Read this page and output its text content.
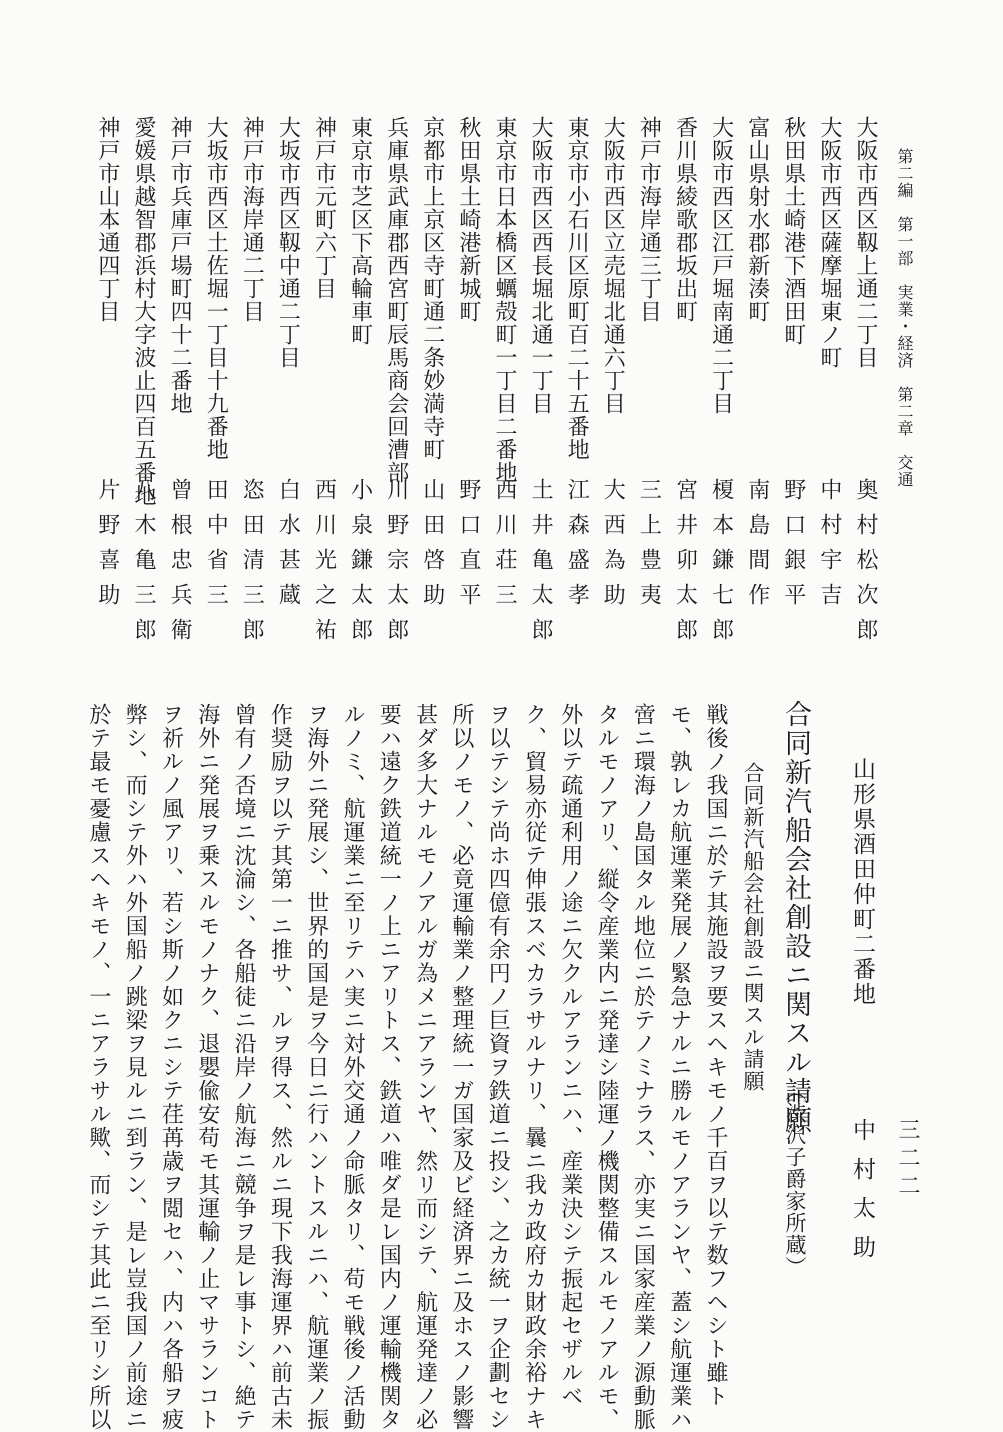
第二編　第一部　実業・経済　第二章　交通
三二二
大阪市西区靱上通二丁目
奥村松次郎
大阪市西区薩摩堀東ノ町
中村宇吉
秋田県土崎港下酒田町
野口銀平
富山県射水郡新湊町
南島間作
大阪市西区江戸堀南通二丁目
榎本鎌七郎
香川県綾歌郡坂出町
宮井卯太郎
神戸市海岸通三丁目
三上豊夷
大阪市西区立売堀北通六丁目
大西為助
東京市小石川区原町百二十五番地
江森盛孝
大阪市西区西長堀北通一丁目
土井亀太郎
東京市日本橋区蠣殻町一丁目二番地
西川荘三
秋田県土崎港新城町
野口直平
京都市上京区寺町通二条妙満寺町
山田啓助
兵庫県武庫郡西宮町辰馬商会回漕部
川野宗太郎
東京市芝区下高輪車町
小泉鎌太郎
神戸市元町六丁目
西川光之祐
大坂市西区靱中通二丁目
白水甚蔵
神戸市海岸通二丁目
恣田清三郎
大坂市西区土佐堀一丁目十九番地
田中省三
神戸市兵庫戸場町四十二番地
曾根忠兵衛
愛媛県越智郡浜村大字波止四百五番地
八木亀三郎
神戸市山本通四丁目
片野喜助
山形県酒田仲町二番地
中村太助
合同新汽船会社創設ニ関スル請願
（渋沢子爵家所蔵）
合同新汽船会社創設ニ関スル請願
戦後ノ我国ニ於テ其施設ヲ要スヘキモノ千百ヲ以テ数フヘシト雖ト
モ、孰レカ航運業発展ノ緊急ナルニ勝ルモノアランヤ、蓋シ航運業ハ
啻ニ環海ノ島国タル地位ニ於テノミナラス、亦実ニ国家産業ノ源動脈
タルモノアリ、縦令産業内ニ発達シ陸運ノ機関整備スルモノアルモ、
外以テ疏通利用ノ途ニ欠クルアランニハ、産業決シテ振起セザルベ
ク、貿易亦従テ伸張スベカラサルナリ、曩ニ我カ政府カ財政余裕ナキ
ヲ以テシテ尚ホ四億有余円ノ巨資ヲ鉄道ニ投シ、之カ統一ヲ企劃セシ
所以ノモノ、必竟運輸業ノ整理統一ガ国家及ビ経済界ニ及ホスノ影響
甚ダ多大ナルモノアルガ為メニアランヤ、然リ而シテ、航運発達ノ必
要ハ遠ク鉄道統一ノ上ニアリトス、鉄道ハ唯ダ是レ国内ノ運輸機関タ
ルノミ、航運業ニ至リテハ実ニ対外交通ノ命脈タリ、苟モ戦後ノ活動
ヲ海外ニ発展シ、世界的国是ヲ今日ニ行ハントスルニハ、航運業ノ振
作奨励ヲ以テ其第一ニ推サ、ルヲ得ス、然ルニ現下我海運界ハ前古未
曾有ノ否境ニ沈淪シ、各船徒ニ沿岸ノ航海ニ競争ヲ是レ事トシ、絶テ
海外ニ発展ヲ乗スルモノナク、退嬰偸安苟モ其運輸ノ止マサランコト
ヲ祈ルノ風アリ、若シ斯ノ如クニシテ荏苒歳ヲ閲セハ、内ハ各船ヲ疲
弊シ、而シテ外ハ外国船ノ跳梁ヲ見ルニ到ラン、是レ豈我国ノ前途ニ
於テ最モ憂慮スヘキモノ、一ニアラサル歟、而シテ其此ニ至リシ所以
